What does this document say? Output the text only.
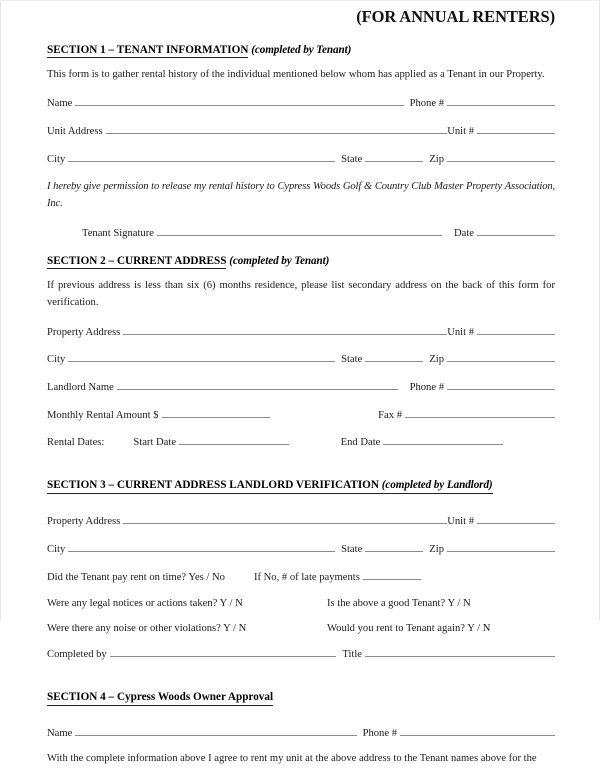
(FOR ANNUAL RENTERS)
SECTION 1 – TENANT INFORMATION (completed by Tenant)

This form is to gather rental history of the individual mentioned below whom has applied as a Tenant in our Property.

Name	Phone #
Unit Address	Unit #
City	State	Zip

I hereby give permission to release my rental history to Cypress Woods Golf & Country Club Master Property Association, Inc.

Tenant Signature	Date
SECTION 2 – CURRENT ADDRESS (completed by Tenant)

If previous address is less than six (6) months residence, please list secondary address on the back of this form for verification.

Property Address	Unit #
City	State	Zip
Landlord Name	Phone #
Monthly Rental Amount $	Fax #
Rental Dates:	Start Date	End Date
SECTION 3 – CURRENT ADDRESS LANDLORD VERIFICATION (completed by Landlord)
Property Address	Unit #
City	State	Zip
Did the Tenant pay rent on time? Yes / No	If No, # of late payments
Were any legal notices or actions taken? Y / N	Is the above a good Tenant? Y / N
Were there any noise or other violations? Y / N	Would you rent to Tenant again? Y / N
Completed by	Title
SECTION 4 – Cypress Woods Owner Approval
Name	Phone #

With the complete information above I agree to rent my unit at the above address to the Tenant names above for the
